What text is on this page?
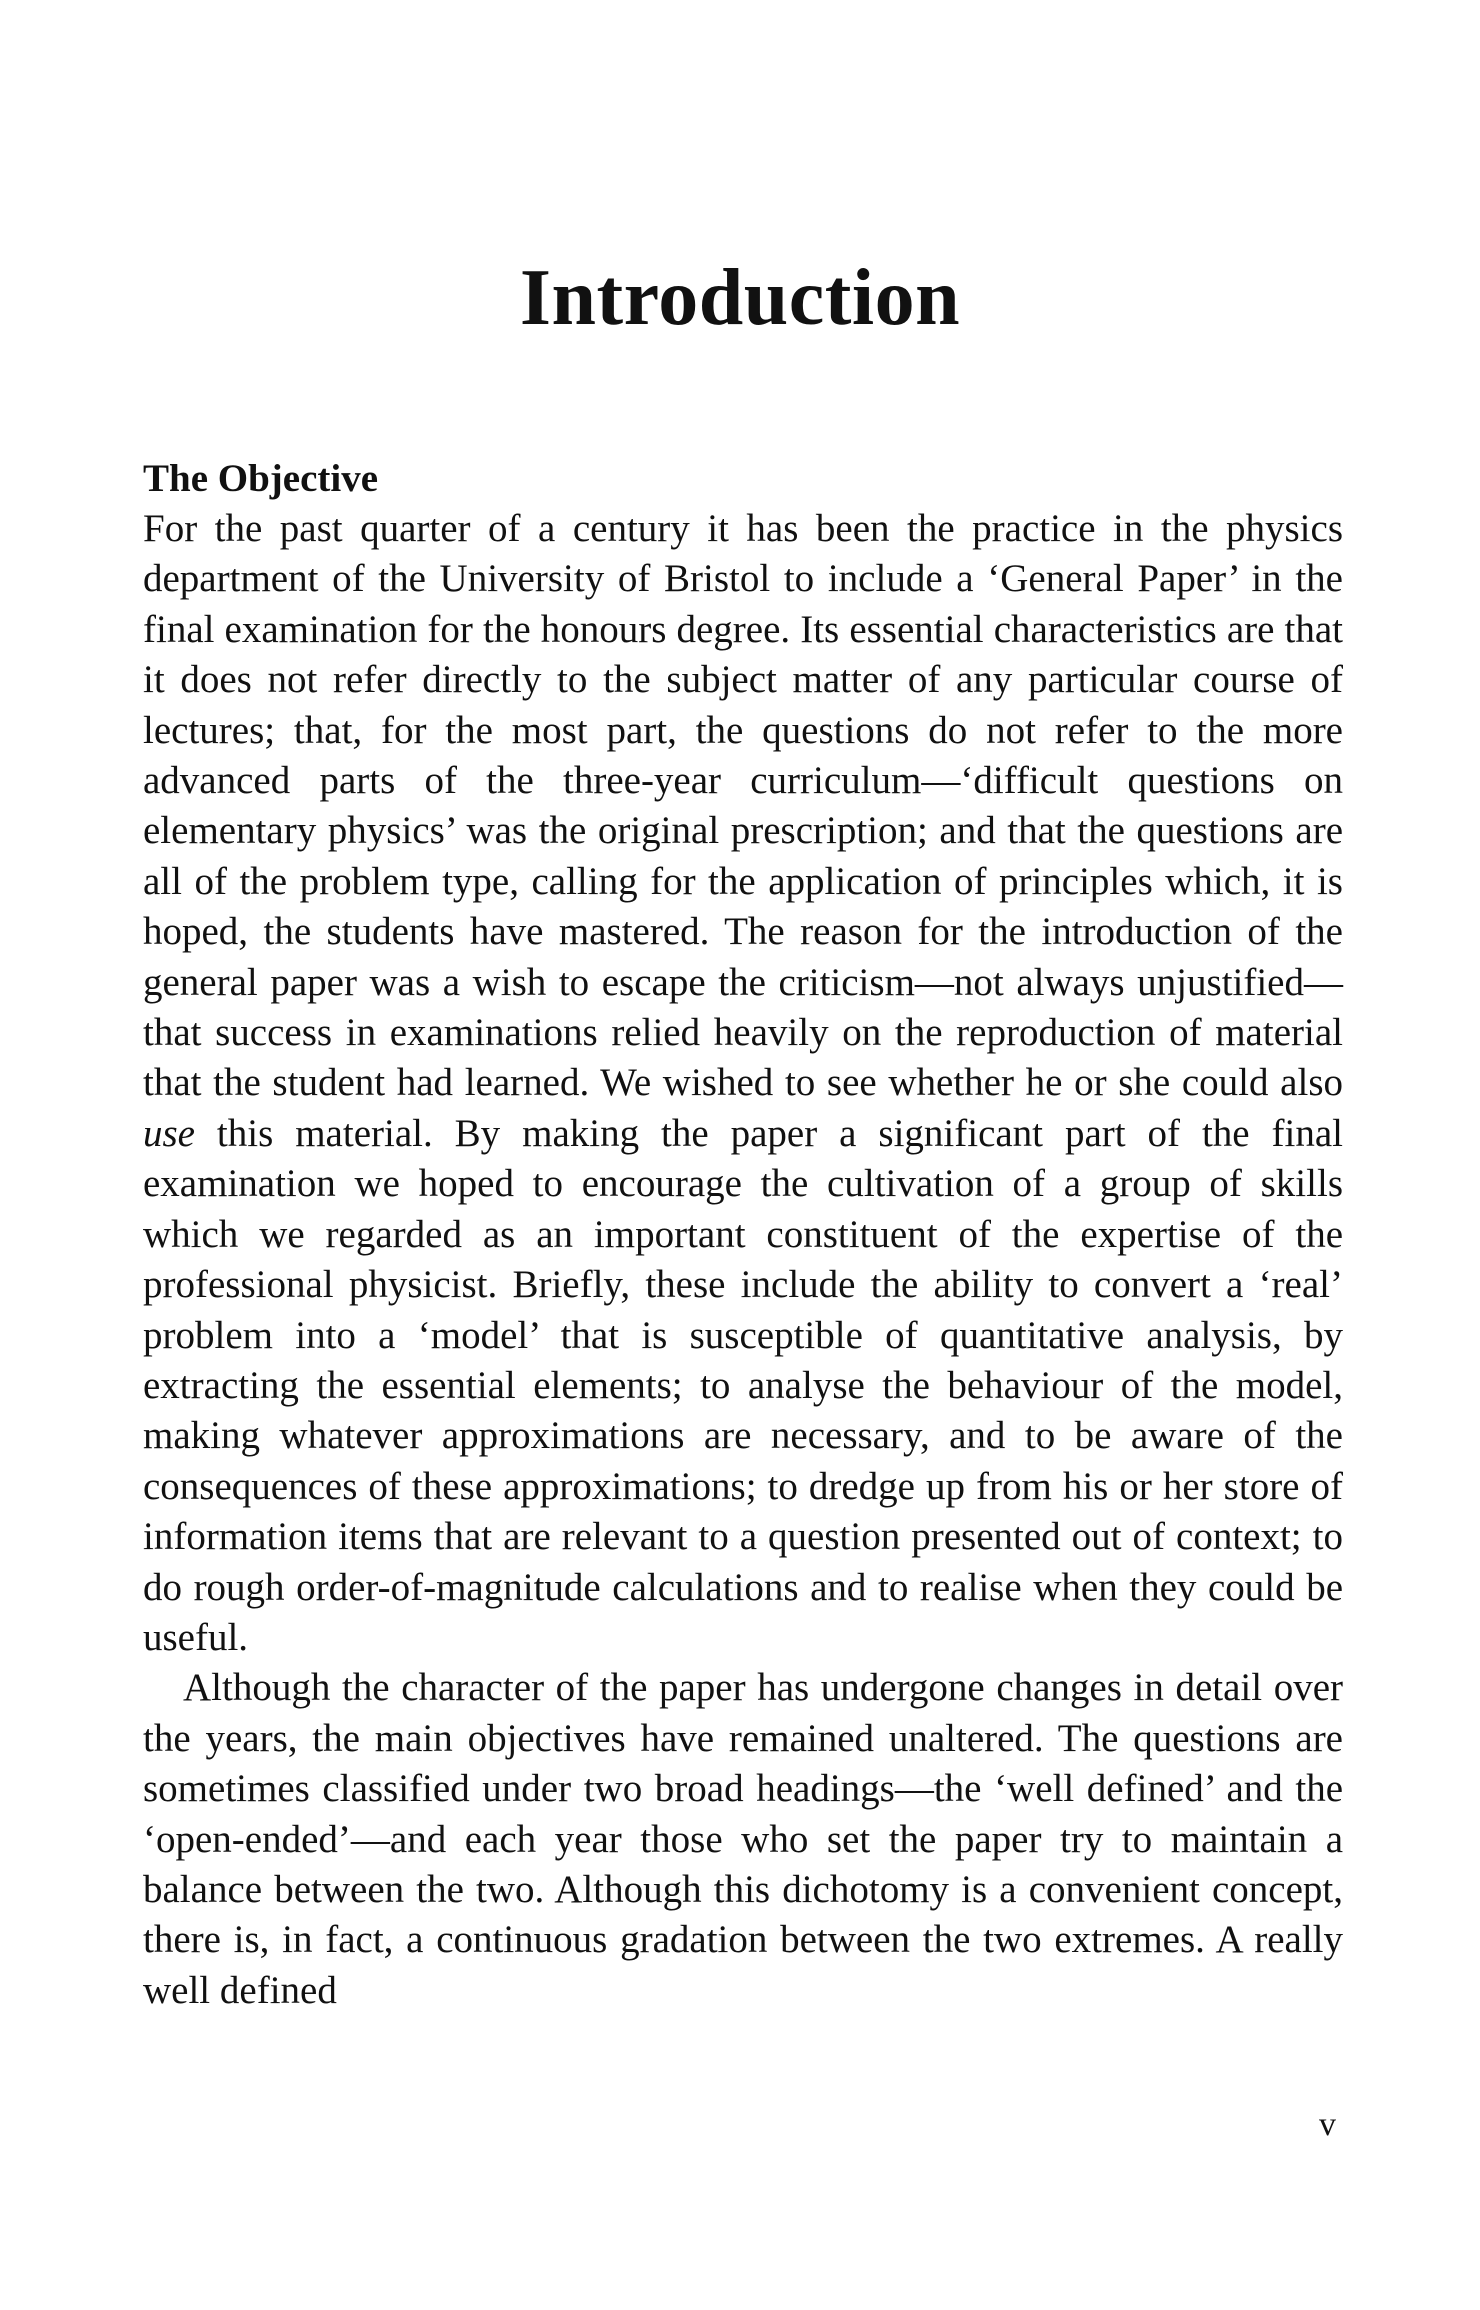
Introduction
The Objective

For the past quarter of a century it has been the practice in the physics department of the University of Bristol to include a ‘General Paper’ in the final examination for the honours degree. Its essential characteristics are that it does not refer directly to the subject matter of any particular course of lectures; that, for the most part, the questions do not refer to the more advanced parts of the three-year curriculum—‘difficult questions on elementary physics’ was the original prescription; and that the questions are all of the problem type, calling for the application of principles which, it is hoped, the students have mastered. The reason for the introduction of the general paper was a wish to escape the criticism—not always unjustified—that success in examinations relied heavily on the reproduction of material that the student had learned. We wished to see whether he or she could also use this material. By making the paper a significant part of the final examination we hoped to encourage the cultivation of a group of skills which we regarded as an important constituent of the expertise of the professional physicist. Briefly, these include the ability to convert a ‘real’ problem into a ‘model’ that is susceptible of quantitative analysis, by extracting the essential elements; to analyse the behaviour of the model, making whatever approximations are necessary, and to be aware of the consequences of these approximations; to dredge up from his or her store of information items that are relevant to a question presented out of context; to do rough order-of-magnitude calculations and to realise when they could be useful.

Although the character of the paper has undergone changes in detail over the years, the main objectives have remained unaltered. The questions are sometimes classified under two broad headings—the ‘well defined’ and the ‘open-ended’—and each year those who set the paper try to maintain a balance between the two. Although this dichotomy is a convenient concept, there is, in fact, a continuous gradation between the two extremes. A really well defined

v
